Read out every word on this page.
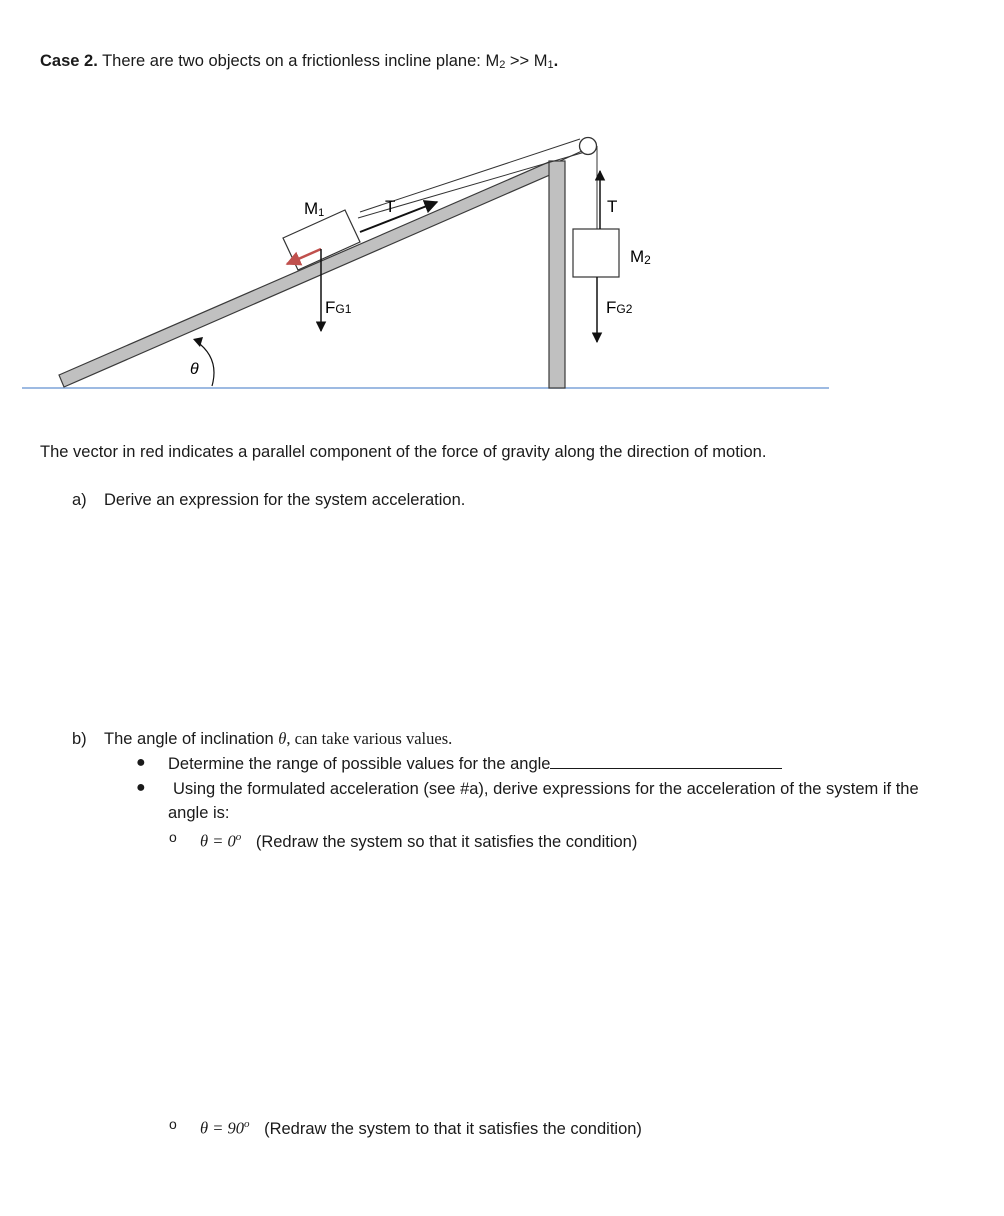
Case 2. There are two objects on a frictionless incline plane: $M_2 >> M_1$.
M1	T	T
M2
FG1	FG2
θ
The vector in red indicates a parallel component of the force of gravity along the direction of motion.
a) Derive an expression for the system acceleration.
b) The angle of inclination θ, can take various values.
● Determine the range of possible values for the angle
● Using the formulated acceleration (see #a), derive expressions for the acceleration of the system if the
angle is:
o $\theta = 0^o$ (Redraw the system so that it satisfies the condition)
o $\theta = 90^o$ (Redraw the system to that it satisfies the condition)
